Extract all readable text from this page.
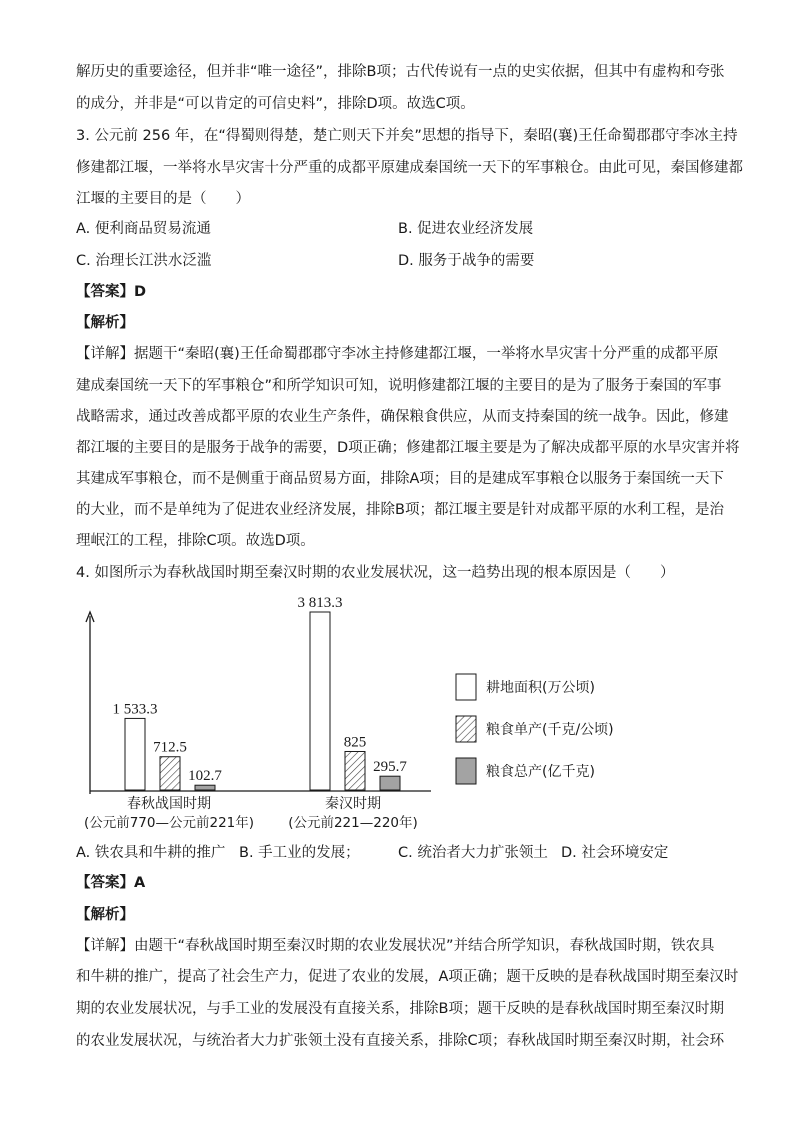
解历史的重要途径，但并非“唯一途径”，排除B项；古代传说有一点的史实依据，但其中有虚构和夸张
的成分，并非是“可以肯定的可信史料”，排除D项。故选C项。
3. 公元前 256 年，在“得蜀则得楚，楚亡则天下并矣”思想的指导下，秦昭(襄)王任命蜀郡郡守李冰主持
修建都江堰，一举将水旱灾害十分严重的成都平原建成秦国统一天下的军事粮仓。由此可见，秦国修建都
江堰的主要目的是（　　）
A. 便利商品贸易流通	B. 促进农业经济发展
C. 治理长江洪水泛滥	D. 服务于战争的需要
【答案】D
【解析】
【详解】据题干“秦昭(襄)王任命蜀郡郡守李冰主持修建都江堰，一举将水旱灾害十分严重的成都平原
建成秦国统一天下的军事粮仓”和所学知识可知，说明修建都江堰的主要目的是为了服务于秦国的军事
战略需求，通过改善成都平原的农业生产条件，确保粮食供应，从而支持秦国的统一战争。因此，修建
都江堰的主要目的是服务于战争的需要，D项正确；修建都江堰主要是为了解决成都平原的水旱灾害并将
其建成军事粮仓，而不是侧重于商品贸易方面，排除A项；目的是建成军事粮仓以服务于秦国统一天下
的大业，而不是单纯为了促进农业经济发展，排除B项；都江堰主要是针对成都平原的水利工程，是治
理岷江的工程，排除C项。故选D项。
4. 如图所示为春秋战国时期至秦汉时期的农业发展状况，这一趋势出现的根本原因是（　　）
1 533.3
712.5
102.7
3 813.3
825
295.7
耕地面积(万公顷)
粮食单产(千克/公顷)
粮食总产(亿千克)
春秋战国时期
(公元前770—公元前221年)
秦汉时期
(公元前221—220年)
A. 铁农具和牛耕的推广 B. 手工业的发展；	C. 统治者大力扩张领土 D. 社会环境安定
【答案】A
【解析】
【详解】由题干“春秋战国时期至秦汉时期的农业发展状况”并结合所学知识，春秋战国时期，铁农具
和牛耕的推广，提高了社会生产力，促进了农业的发展，A项正确；题干反映的是春秋战国时期至秦汉时
期的农业发展状况，与手工业的发展没有直接关系，排除B项；题干反映的是春秋战国时期至秦汉时期
的农业发展状况，与统治者大力扩张领土没有直接关系，排除C项；春秋战国时期至秦汉时期，社会环
